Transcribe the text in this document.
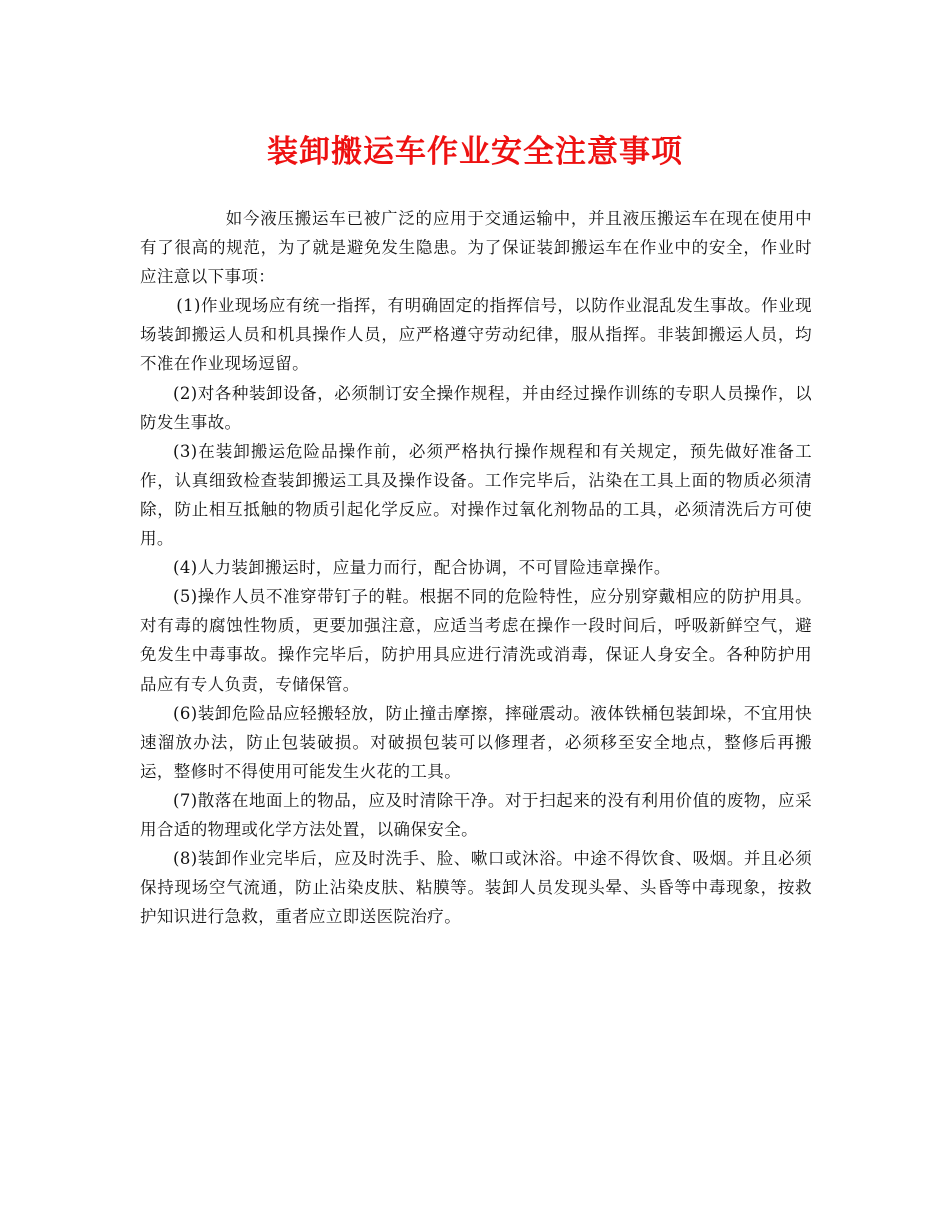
装卸搬运车作业安全注意事项

如今液压搬运车已被广泛的应用于交通运输中，并且液压搬运车在现在使用中有了很高的规范，为了就是避免发生隐患。为了保证装卸搬运车在作业中的安全，作业时应注意以下事项：

(1)作业现场应有统一指挥，有明确固定的指挥信号，以防作业混乱发生事故。作业现场装卸搬运人员和机具操作人员，应严格遵守劳动纪律，服从指挥。非装卸搬运人员，均不准在作业现场逗留。

(2)对各种装卸设备，必须制订安全操作规程，并由经过操作训练的专职人员操作，以防发生事故。

(3)在装卸搬运危险品操作前，必须严格执行操作规程和有关规定，预先做好准备工作，认真细致检查装卸搬运工具及操作设备。工作完毕后，沾染在工具上面的物质必须清除，防止相互抵触的物质引起化学反应。对操作过氧化剂物品的工具，必须清洗后方可使用。

(4)人力装卸搬运时，应量力而行，配合协调，不可冒险违章操作。

(5)操作人员不准穿带钉子的鞋。根据不同的危险特性，应分别穿戴相应的防护用具。对有毒的腐蚀性物质，更要加强注意，应适当考虑在操作一段时间后，呼吸新鲜空气，避免发生中毒事故。操作完毕后，防护用具应进行清洗或消毒，保证人身安全。各种防护用品应有专人负责，专储保管。

(6)装卸危险品应轻搬轻放，防止撞击摩擦，摔碰震动。液体铁桶包装卸垛，不宜用快速溜放办法，防止包装破损。对破损包装可以修理者，必须移至安全地点，整修后再搬运，整修时不得使用可能发生火花的工具。

(7)散落在地面上的物品，应及时清除干净。对于扫起来的没有利用价值的废物，应采用合适的物理或化学方法处置，以确保安全。

(8)装卸作业完毕后，应及时洗手、脸、嗽口或沐浴。中途不得饮食、吸烟。并且必须保持现场空气流通，防止沾染皮肤、粘膜等。装卸人员发现头晕、头昏等中毒现象，按救护知识进行急救，重者应立即送医院治疗。
